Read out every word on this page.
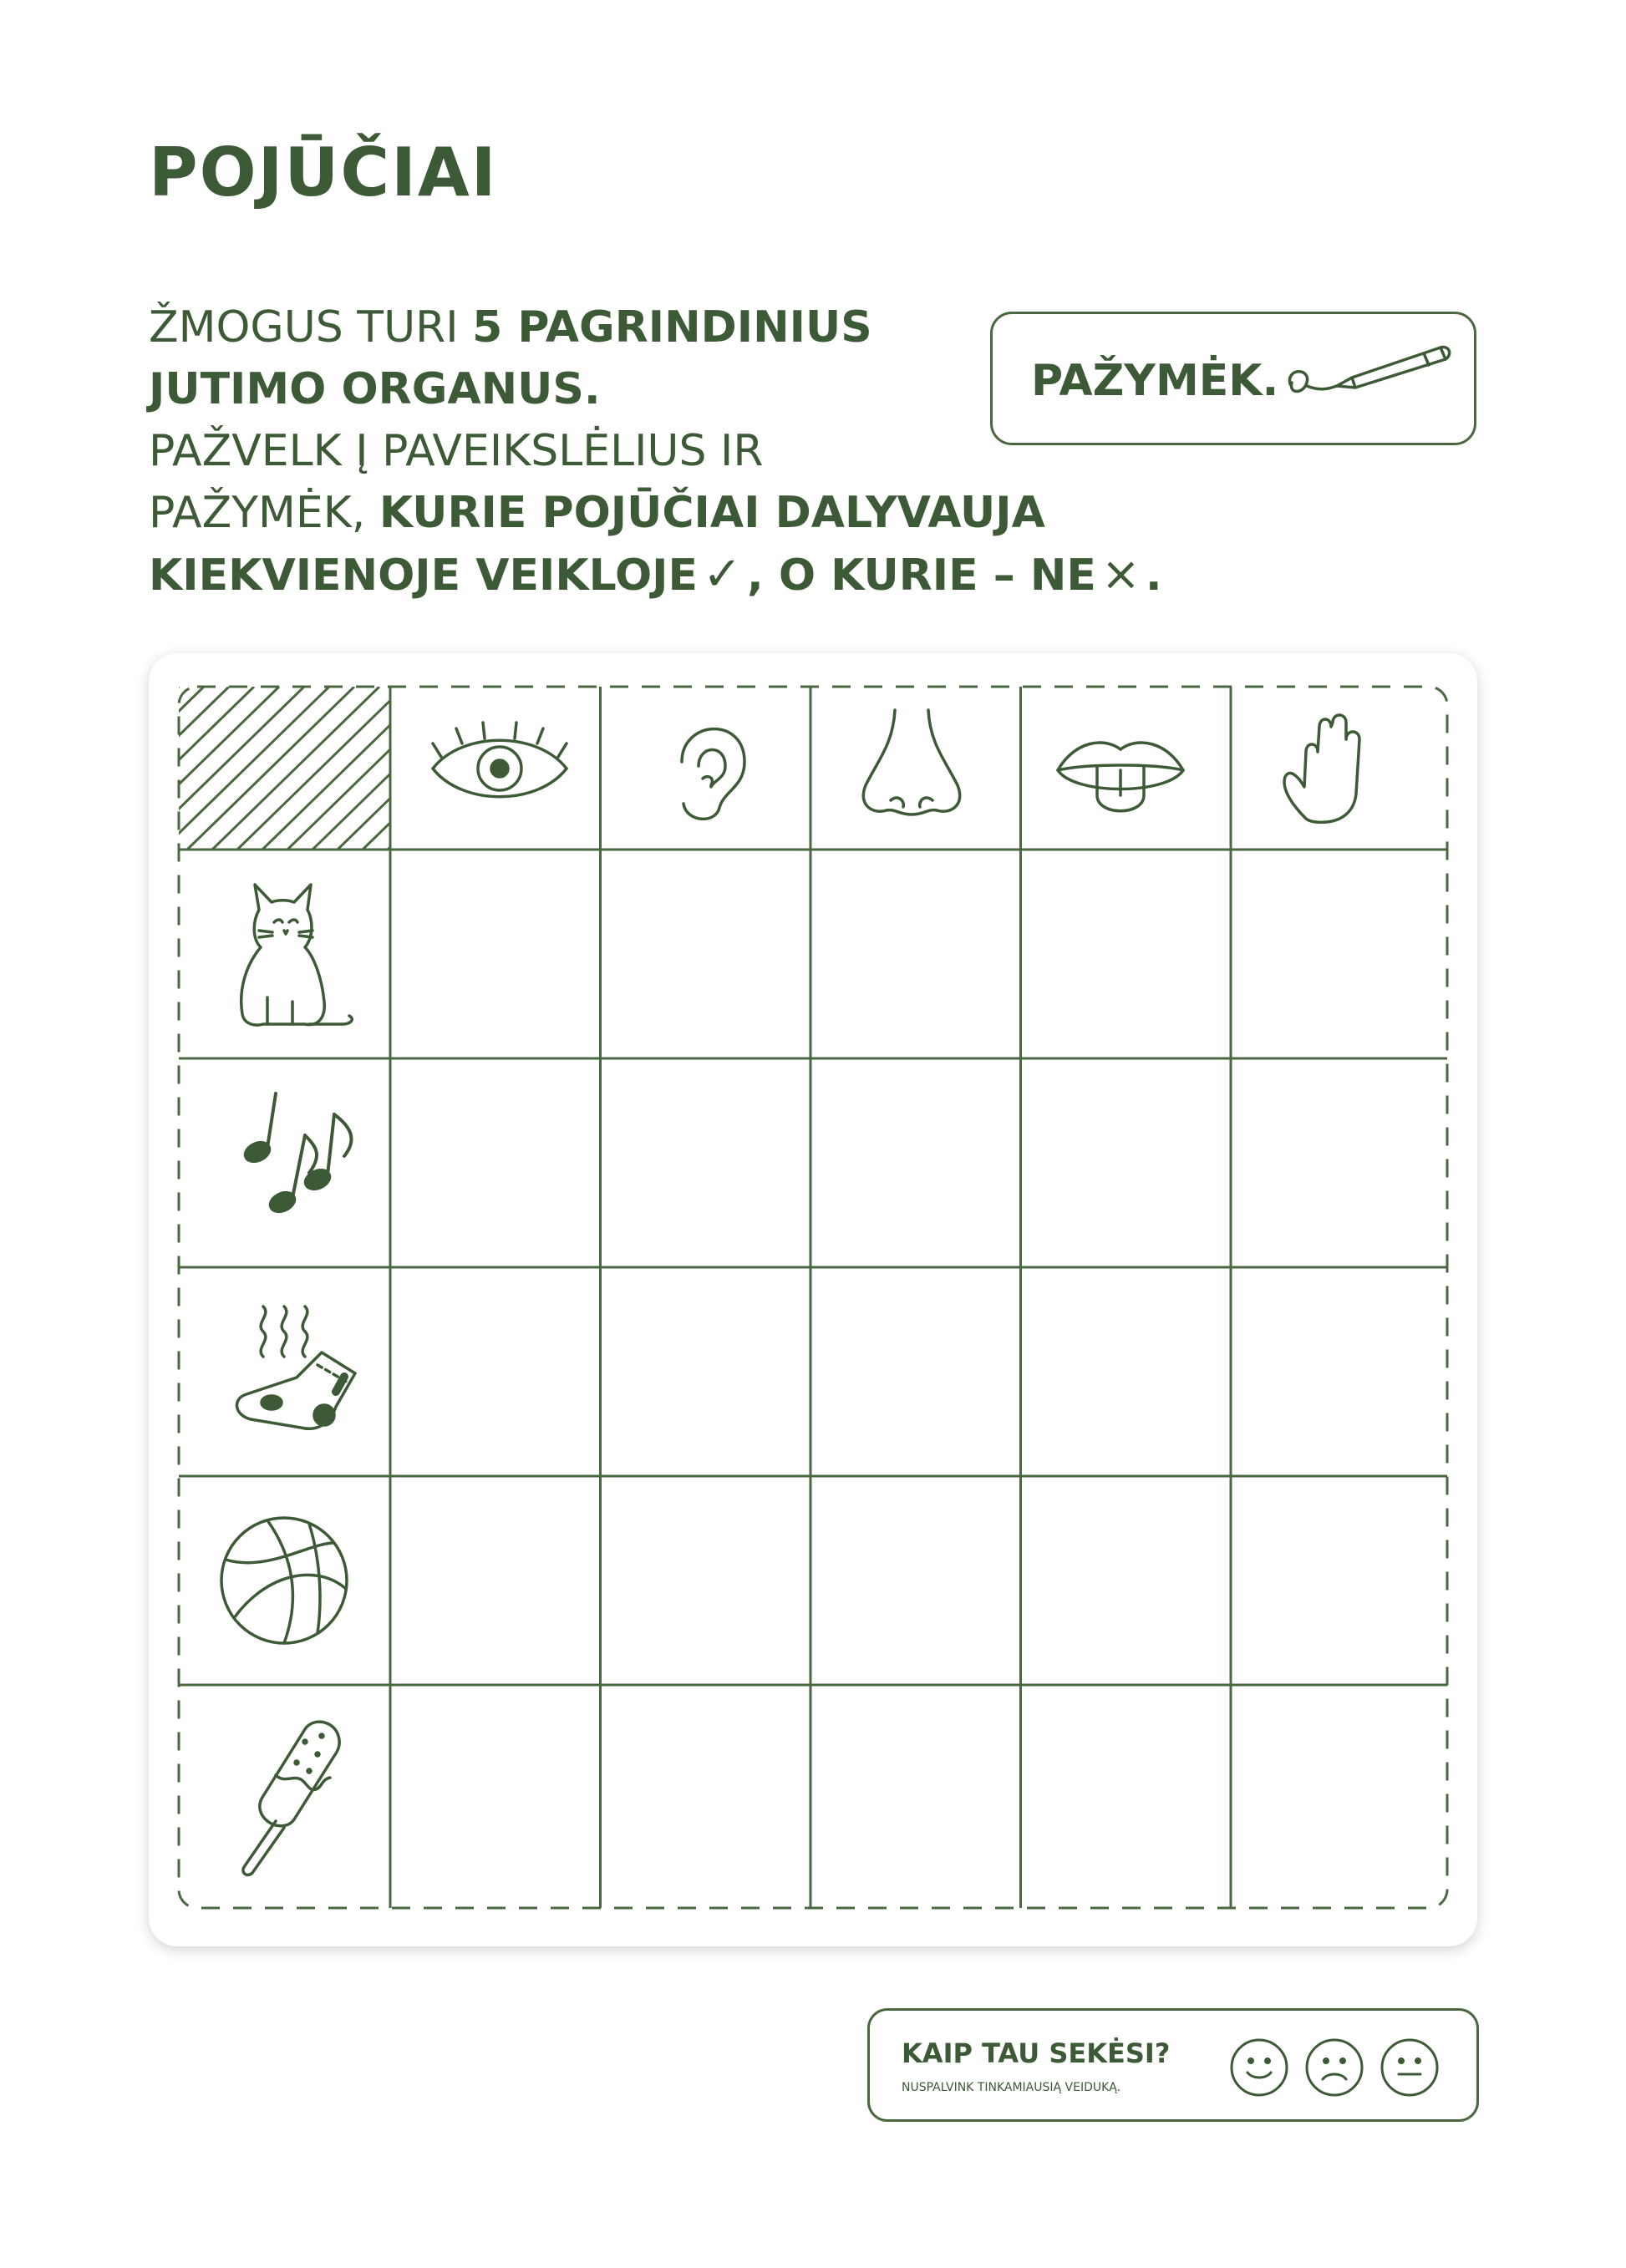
POJŪČIAI
ŽMOGUS TURI 5 PAGRINDINIUS
JUTIMO ORGANUS.
PAŽVELK Į PAVEIKSLĖLIUS IR
PAŽYMĖK, KURIE POJŪČIAI DALYVAUJA
KIEKVIENOJE VEIKLOJE ✓ , O KURIE – NE × .
PAŽYMĖK.
KAIP TAU SEKĖSI?
NUSPALVINK TINKAMIAUSIĄ VEIDUKĄ.
